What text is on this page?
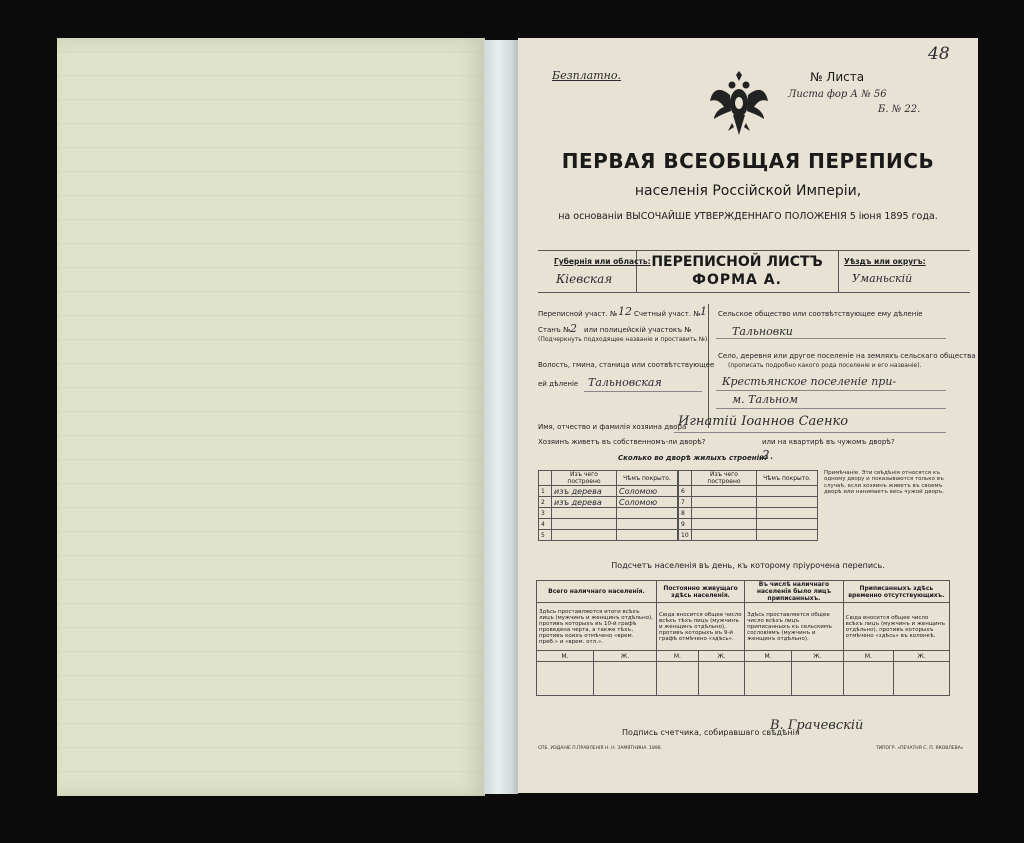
Безплатно.	№ Листа
48
Листа фор А № 56
Б. № 22.
ПЕРВАЯ ВСЕОБЩАЯ ПЕРЕПИСЬ
населенія Россійской Имперіи,
на основаніи ВЫСОЧАЙШЕ УТВЕРЖДЕННАГО ПОЛОЖЕНІЯ 5 іюня 1895 года.
Губернія или область:
Кіевская
ПЕРЕПИСНОЙ ЛИСТЪ
ФОРМА А.
Уѣздъ или округъ:
Уманьскій
Переписной участ. № 12 Счетный участ. № 1
Станъ № 2 или полицейскій участокъ №
(Подчеркнуть подходящее названіе и проставить №).
Волость, гмина, станица или соотвѣтствующее
ей дѣленіе Тальновская
Сельское общество или соотвѣтствующее ему дѣленіе
Тальновки
Село, деревня или другое поселеніе на земляхъ сельскаго общества
(прописать подробно какого рода поселеніе и его названіе).
Крестьянское поселеніе при-
м. Тальном
Имя, отчество и фамилія хозяина двора
Игнатій Іоаннов Саенко
Хозяинъ живетъ въ собственномъ-ли дворѣ?	или на квартирѣ въ чужомъ дворѣ?
Сколько во дворѣ жилыхъ строеній?
2.
	Изъ чего построено	Чѣмъ покрыто.
1	изъ дерева	Соломою
2	изъ дерева	Соломою
3		
4		
5		
	Изъ чего построено	Чѣмъ покрыто.
6		
7		
8		
9		
10		
Примѣчаніе. Эти свѣдѣнія относятся къ одному двору и показываются только въ случаѣ, если хозяинъ живетъ въ своемъ дворѣ или нанимаетъ весь чужой дворъ.
Подсчетъ населенія въ день, къ которому пріурочена перепись.
Всего наличнаго населенія.		Постоянно живущаго здѣсь населенія.		Въ числѣ наличнаго населенія было лицъ приписанныхъ.		Приписанныхъ здѣсь временно отсутствующихъ.	
Здѣсь проставляются итоги всѣхъ лицъ (мужчинъ и женщинъ отдѣльно), противъ которыхъ въ 10-й графѣ проведена черта, а также тѣхъ, противъ коихъ отмѣчено «врем. преб.» и «врем. отл.».		Сюда вносится общее число всѣхъ тѣхъ лицъ (мужчинъ и женщинъ отдѣльно), противъ которыхъ въ 9-й графѣ отмѣчено «здѣсь».		Здѣсь проставляется общее число всѣхъ лицъ приписанныхъ къ сельскимъ сословіямъ (мужчинъ и женщинъ отдѣльно).		Сюда вносится общее число всѣхъ лицъ (мужчинъ и женщинъ отдѣльно), противъ которыхъ отмѣчено «здѣсь» въ колонкѣ.	
М.	Ж.	М.	Ж.	М.	Ж.	М.	Ж.

Подпись счетчика, собиравшаго свѣдѣнія
В. Грачевскій
СПБ. ИЗДАНІЕ П.ПРАВЛЕНІЯ Н. Н. ЗАМЯТНИНА. 1896.	ТИПОГР. «ПЕЧАТНЯ С. П. ЯКОВЛЕВА»
